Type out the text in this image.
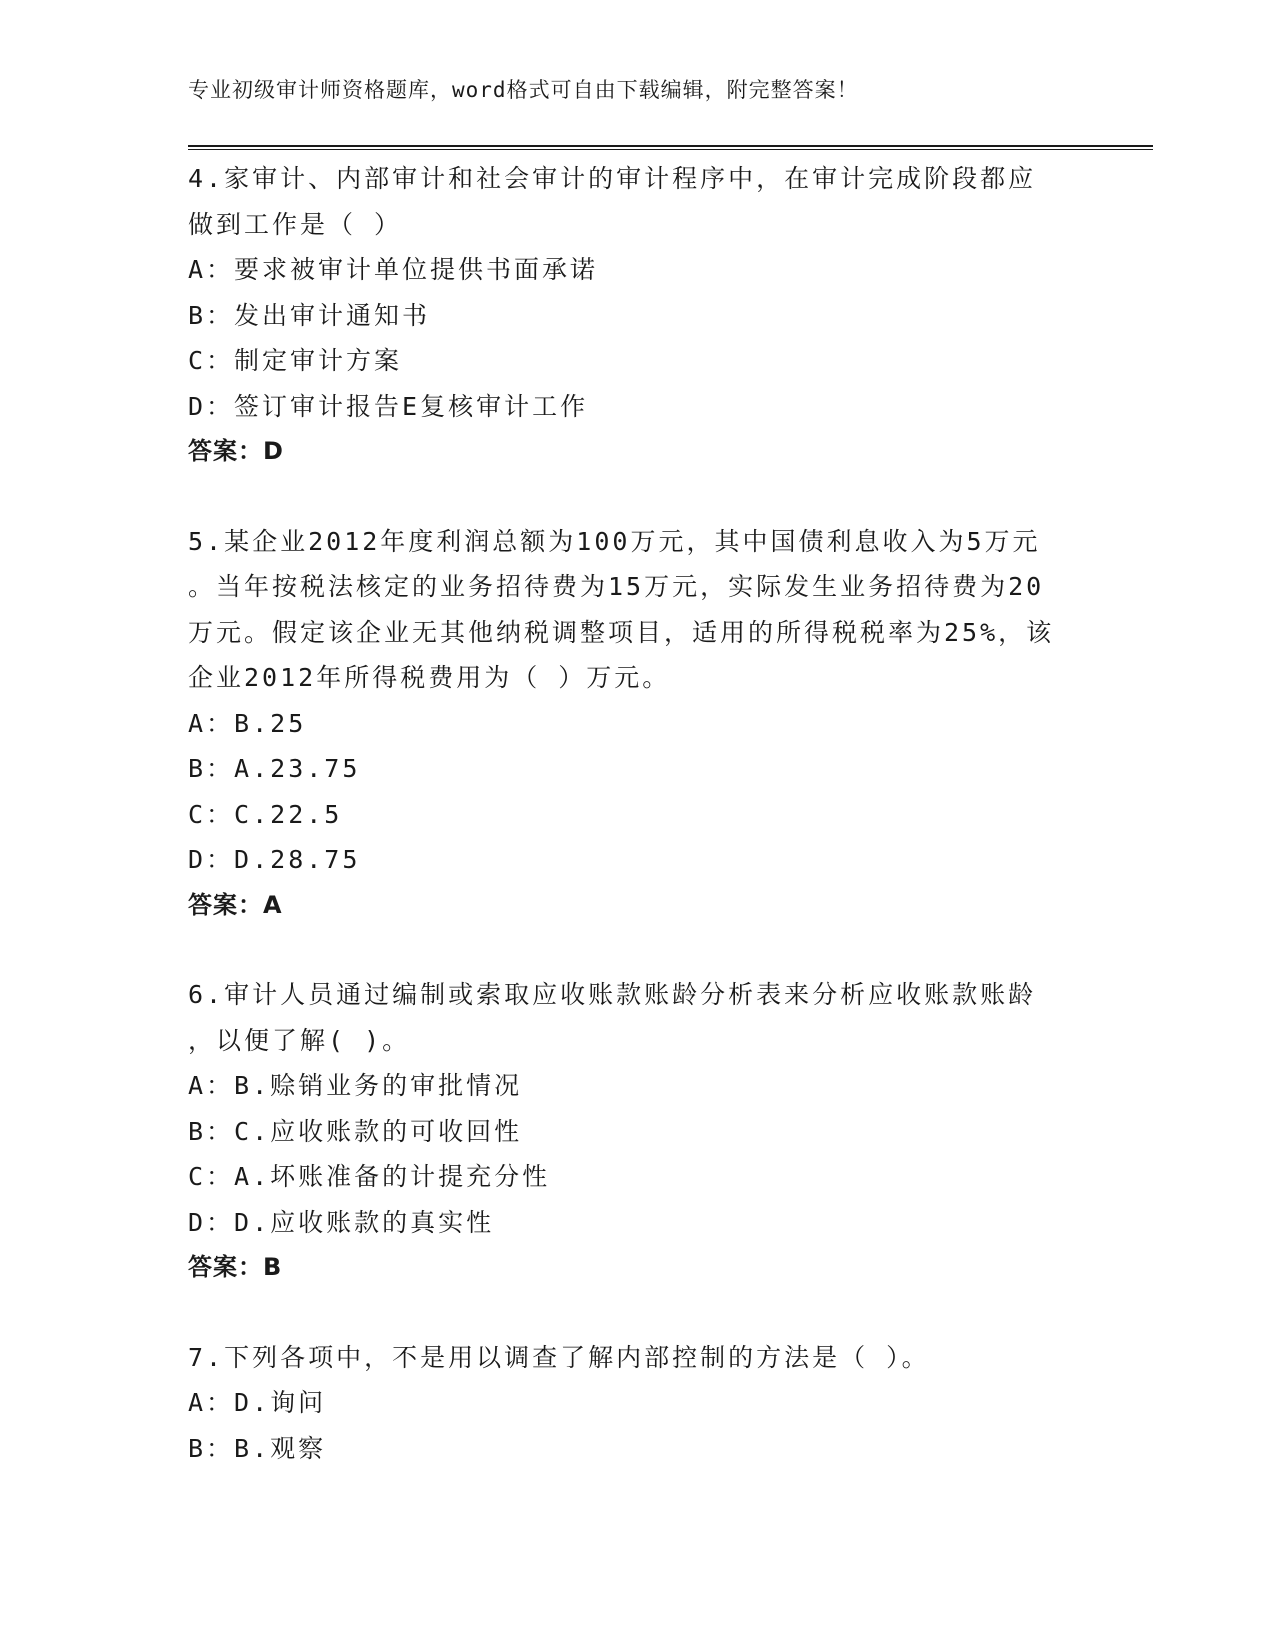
专业初级审计师资格题库，word格式可自由下载编辑，附完整答案！
4.家审计、内部审计和社会审计的审计程序中，在审计完成阶段都应
做到工作是（ ）
A：要求被审计单位提供书面承诺
B：发出审计通知书
C：制定审计方案
D：签订审计报告E复核审计工作
答案：D
5.某企业2012年度利润总额为100万元，其中国债利息收入为5万元
。当年按税法核定的业务招待费为15万元，实际发生业务招待费为20
万元。假定该企业无其他纳税调整项目，适用的所得税税率为25%，该
企业2012年所得税费用为（ ）万元。
A：B.25
B：A.23.75
C：C.22.5
D：D.28.75
答案：A
6.审计人员通过编制或索取应收账款账龄分析表来分析应收账款账龄
，以便了解( )。
A：B.赊销业务的审批情况
B：C.应收账款的可收回性
C：A.坏账准备的计提充分性
D：D.应收账款的真实性
答案：B
7.下列各项中，不是用以调查了解内部控制的方法是（ ）。
A：D.询问
B：B.观察
